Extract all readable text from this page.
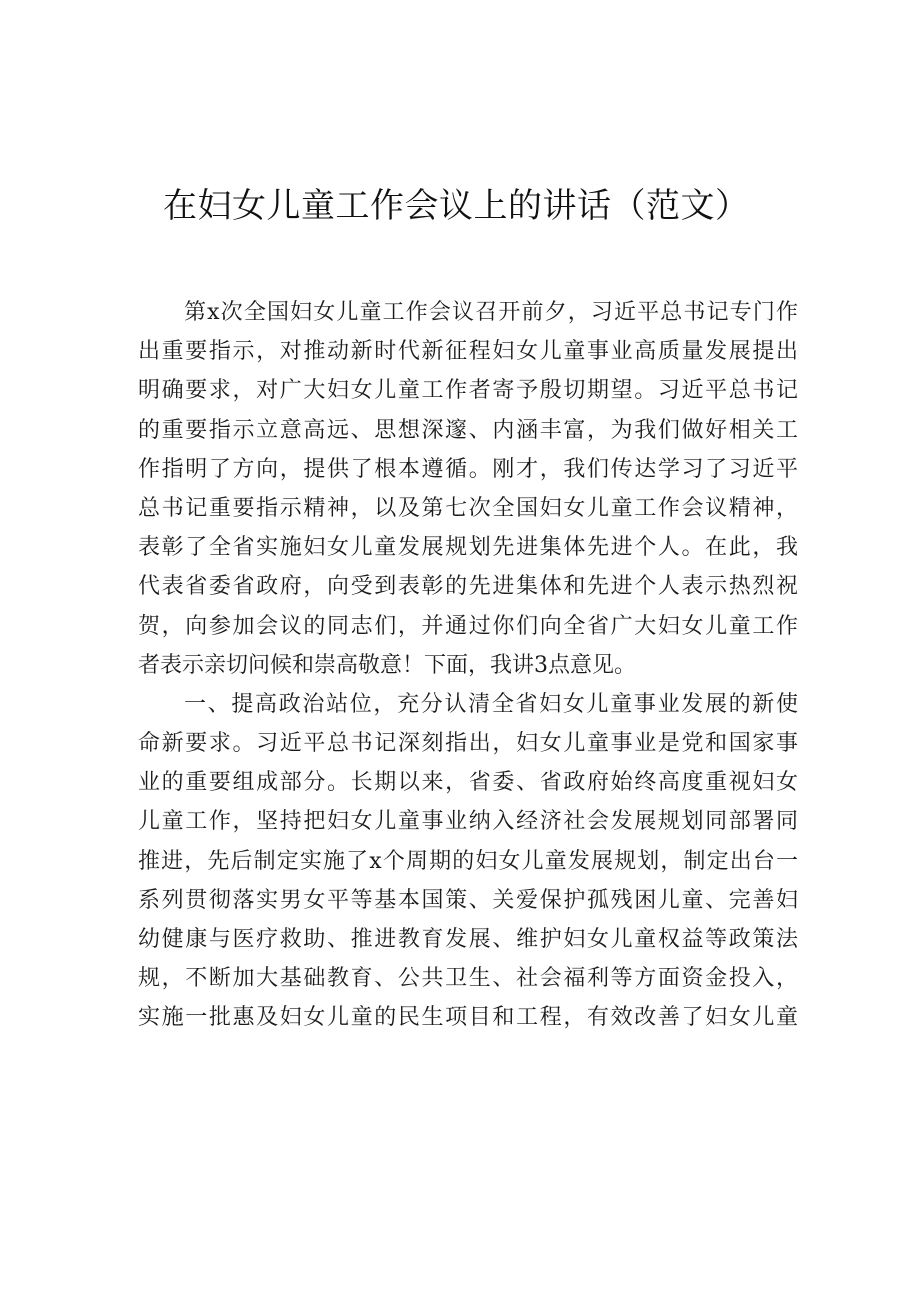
在妇女儿童工作会议上的讲话（范文）
第x次全国妇女儿童工作会议召开前夕，习近平总书记专门作
出重要指示，对推动新时代新征程妇女儿童事业高质量发展提出
明确要求，对广大妇女儿童工作者寄予殷切期望。习近平总书记
的重要指示立意高远、思想深邃、内涵丰富，为我们做好相关工
作指明了方向，提供了根本遵循。刚才，我们传达学习了习近平
总书记重要指示精神，以及第七次全国妇女儿童工作会议精神，
表彰了全省实施妇女儿童发展规划先进集体先进个人。在此，我
代表省委省政府，向受到表彰的先进集体和先进个人表示热烈祝
贺，向参加会议的同志们，并通过你们向全省广大妇女儿童工作
者表示亲切问候和崇高敬意！下面，我讲3点意见。
一、提高政治站位，充分认清全省妇女儿童事业发展的新使
命新要求。习近平总书记深刻指出，妇女儿童事业是党和国家事
业的重要组成部分。长期以来，省委、省政府始终高度重视妇女
儿童工作，坚持把妇女儿童事业纳入经济社会发展规划同部署同
推进，先后制定实施了x个周期的妇女儿童发展规划，制定出台一
系列贯彻落实男女平等基本国策、关爱保护孤残困儿童、完善妇
幼健康与医疗救助、推进教育发展、维护妇女儿童权益等政策法
规，不断加大基础教育、公共卫生、社会福利等方面资金投入，
实施一批惠及妇女儿童的民生项目和工程，有效改善了妇女儿童
